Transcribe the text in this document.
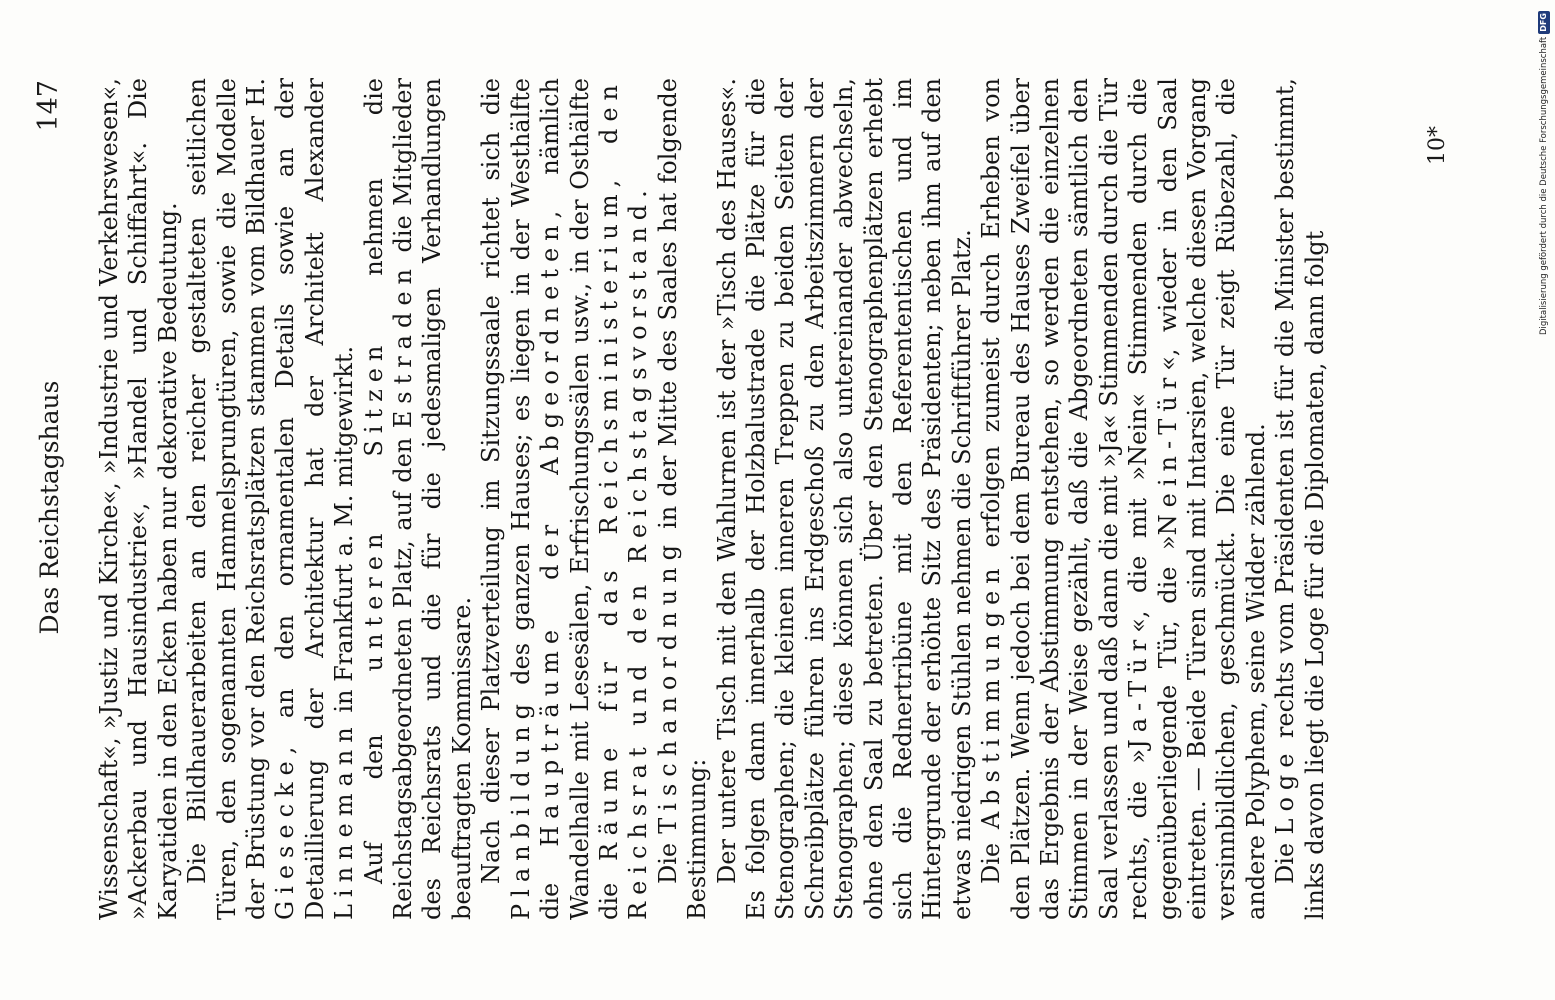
Das Reichstagshaus
147 Wissenschaft«, »Justiz und Kirche«, »Industrie und Verkehrswesen«, »Ackerbau und Hausindustrie«, »Handel und Schiffahrt«. Die Karyatiden in den Ecken haben nur dekorative Bedeutung. Die Bildhauerarbeiten an den reicher gestalteten seitlichen Türen, den sogenannten Hammelsprungtüren, sowie die Modelle der Brüstung vor den Reichsratsplätzen stammen vom Bildhauer H. Giesecke, an den ornamentalen Details sowie an der Detaillierung der Architektur hat der Architekt Alexander Linnemann in Frankfurt a. M. mitgewirkt.

Auf den unteren Sitzen nehmen die Reichstagsabgeordneten Platz, auf den Estraden die Mitglieder des Reichsrats und die für die jedesmaligen Verhandlungen beauftragten Kommissare. Nach dieser Platzverteilung im Sitzungssaale richtet sich die Planbildung des ganzen Hauses; es liegen in der Westhälfte die Haupträume der Abgeordneten, nämlich Wandelhalle mit Lesesälen, Erfrischungssälen usw., in der Osthälfte die Räume für das Reichsministerium, den Reichsrat und den Reichstagsvorstand.

Die Tischanordnung in der Mitte des Saales hat folgende Bestimmung: Der untere Tisch mit den Wahlurnen ist der »Tisch des Hauses«. Es folgen dann innerhalb der Holzbalustrade die Plätze für die Stenographen; die kleinen inneren Treppen zu beiden Seiten der Schreibplätze führen ins Erdgeschoß zu den Arbeitszimmern der Stenographen; diese können sich also untereinander abwechseln, ohne den Saal zu betreten. Über den Stenographenplätzen erhebt sich die Rednertribüne mit den Referententischen und im Hintergrunde der erhöhte Sitz des Präsidenten; neben ihm auf den etwas niedrigen Stühlen nehmen die Schriftführer Platz. Die Abstimmungen erfolgen zumeist durch Erheben von den Plätzen. Wenn jedoch bei dem Bureau des Hauses Zweifel über das Ergebnis der Abstimmung entstehen, so werden die einzelnen Stimmen in der Weise gezählt, daß die Abgeordneten sämtlich den Saal verlassen und daß dann die mit »Ja« Stimmenden durch die Tür rechts, die »Ja-Tür«, die mit »Nein« Stimmenden durch die gegenüberliegende Tür, die »Nein-Tür«, wieder in den Saal eintreten. — Beide Türen sind mit Intarsien, welche diesen Vorgang versinnbildlichen, geschmückt. Die eine Tür zeigt Rübezahl, die andere Polyphem, seine Widder zählend. Die Loge rechts vom Präsidenten ist für die Minister bestimmt, links davon liegt die Loge für die Diplomaten, dann folgt

10*	Digitalisierung gefördert durch die Deutsche Forschungsgemeinschaft
DFG
